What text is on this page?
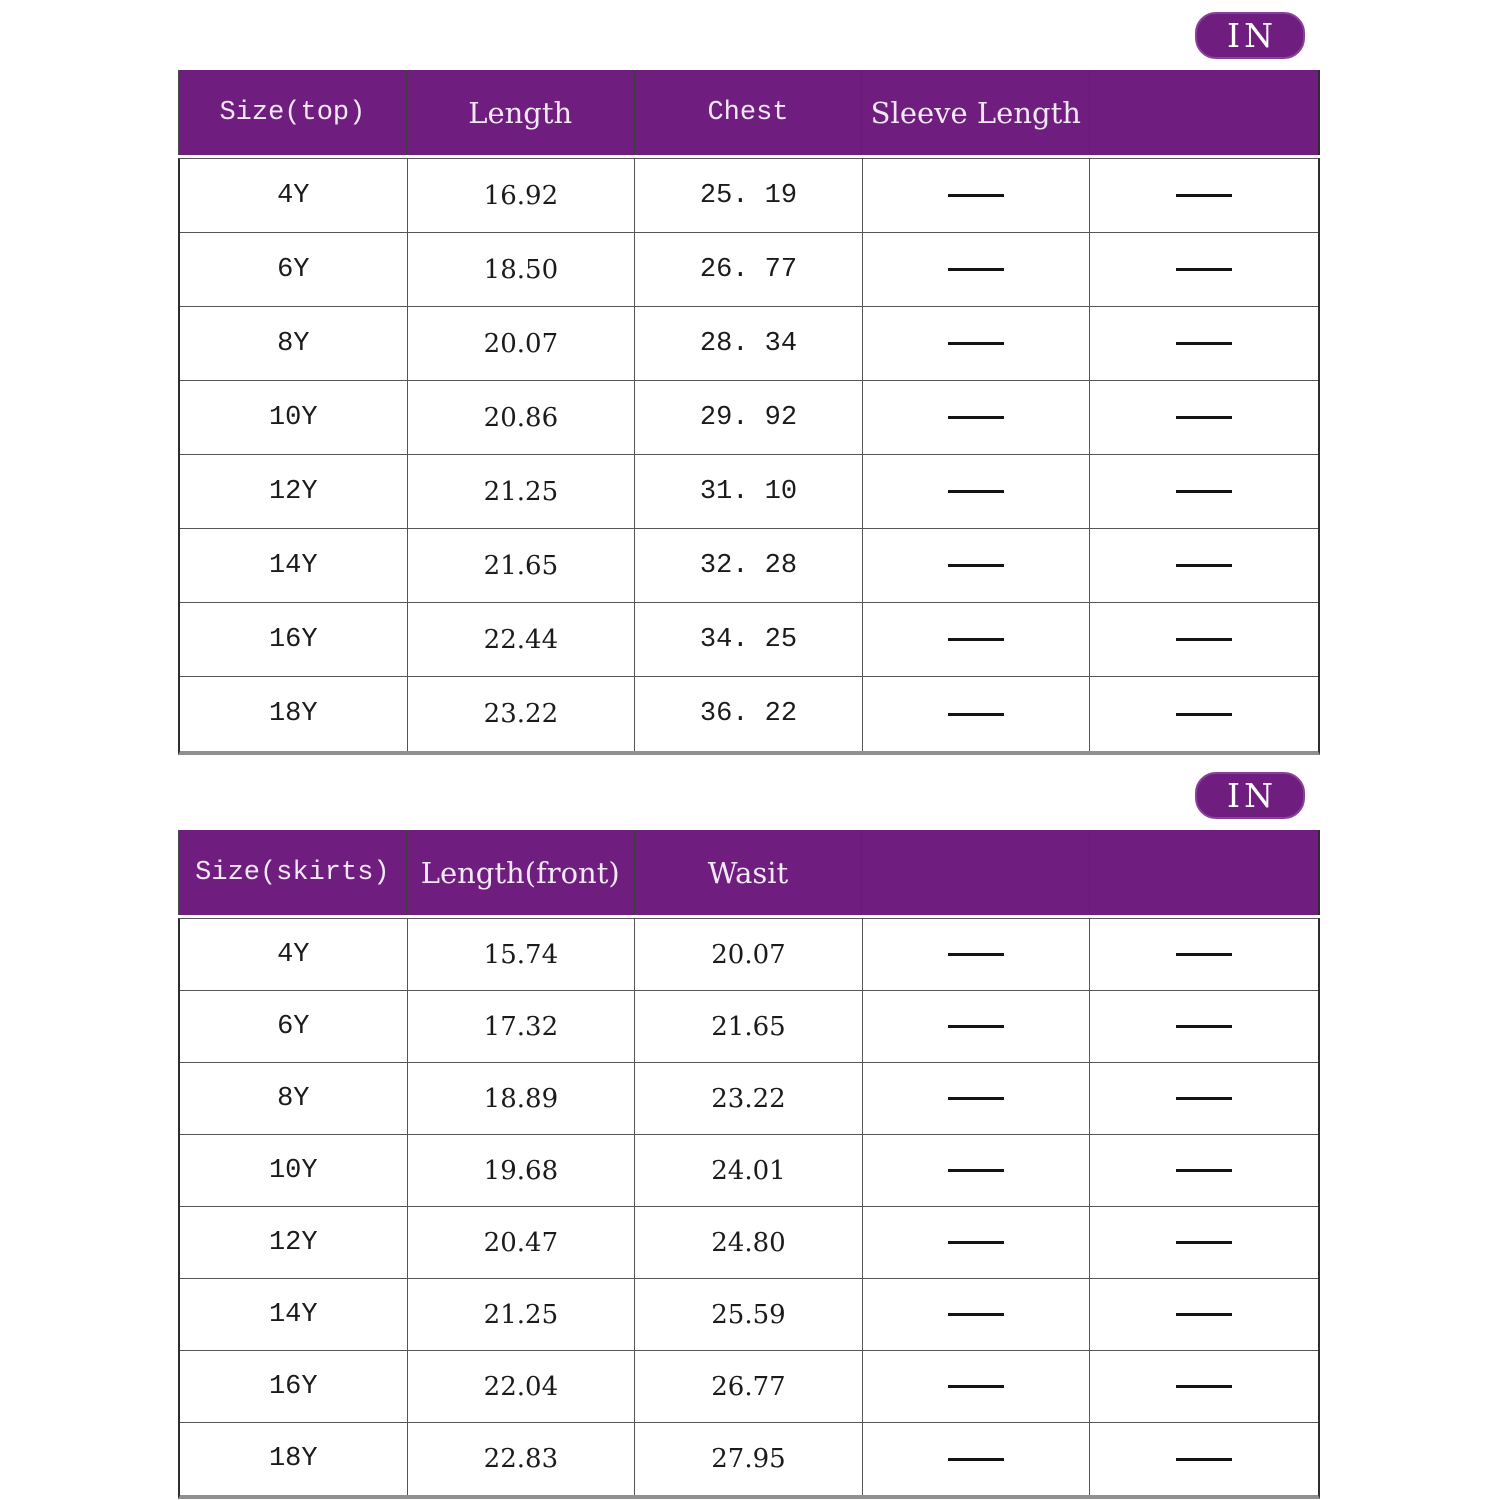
IN
Size(top)	Length	Chest	Sleeve Length
4Y	16.92	25. 19
6Y	18.50	26. 77
8Y	20.07	28. 34
10Y	20.86	29. 92
12Y	21.25	31. 10
14Y	21.65	32. 28
16Y	22.44	34. 25
18Y	23.22	36. 22
IN
Size(skirts)	Length(front)	Wasit
4Y	15.74	20.07
6Y	17.32	21.65
8Y	18.89	23.22
10Y	19.68	24.01
12Y	20.47	24.80
14Y	21.25	25.59
16Y	22.04	26.77
18Y	22.83	27.95
